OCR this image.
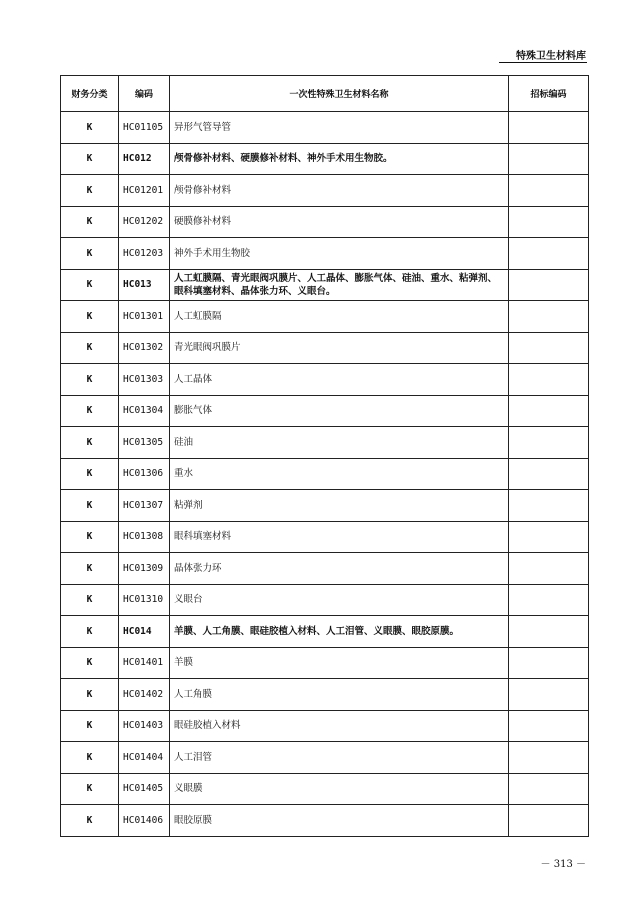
特殊卫生材料库
财务分类	编码	一次性特殊卫生材料名称	招标编码
K	HC01105	异形气管导管	
K	HC012	颅骨修补材料、硬膜修补材料、神外手术用生物胶。	
K	HC01201	颅骨修补材料	
K	HC01202	硬膜修补材料	
K	HC01203	神外手术用生物胶	
K	HC013	人工虹膜隔、青光眼阀巩膜片、人工晶体、膨胀气体、硅油、重水、粘弹剂、眼科填塞材料、晶体张力环、义眼台。	
K	HC01301	人工虹膜隔	
K	HC01302	青光眼阀巩膜片	
K	HC01303	人工晶体	
K	HC01304	膨胀气体	
K	HC01305	硅油	
K	HC01306	重水	
K	HC01307	粘弹剂	
K	HC01308	眼科填塞材料	
K	HC01309	晶体张力环	
K	HC01310	义眼台	
K	HC014	羊膜、人工角膜、眼硅胶植入材料、人工泪管、义眼膜、眼胶原膜。	
K	HC01401	羊膜	
K	HC01402	人工角膜	
K	HC01403	眼硅胶植入材料	
K	HC01404	人工泪管	
K	HC01405	义眼膜	
K	HC01406	眼胶原膜	
－ 313 －
